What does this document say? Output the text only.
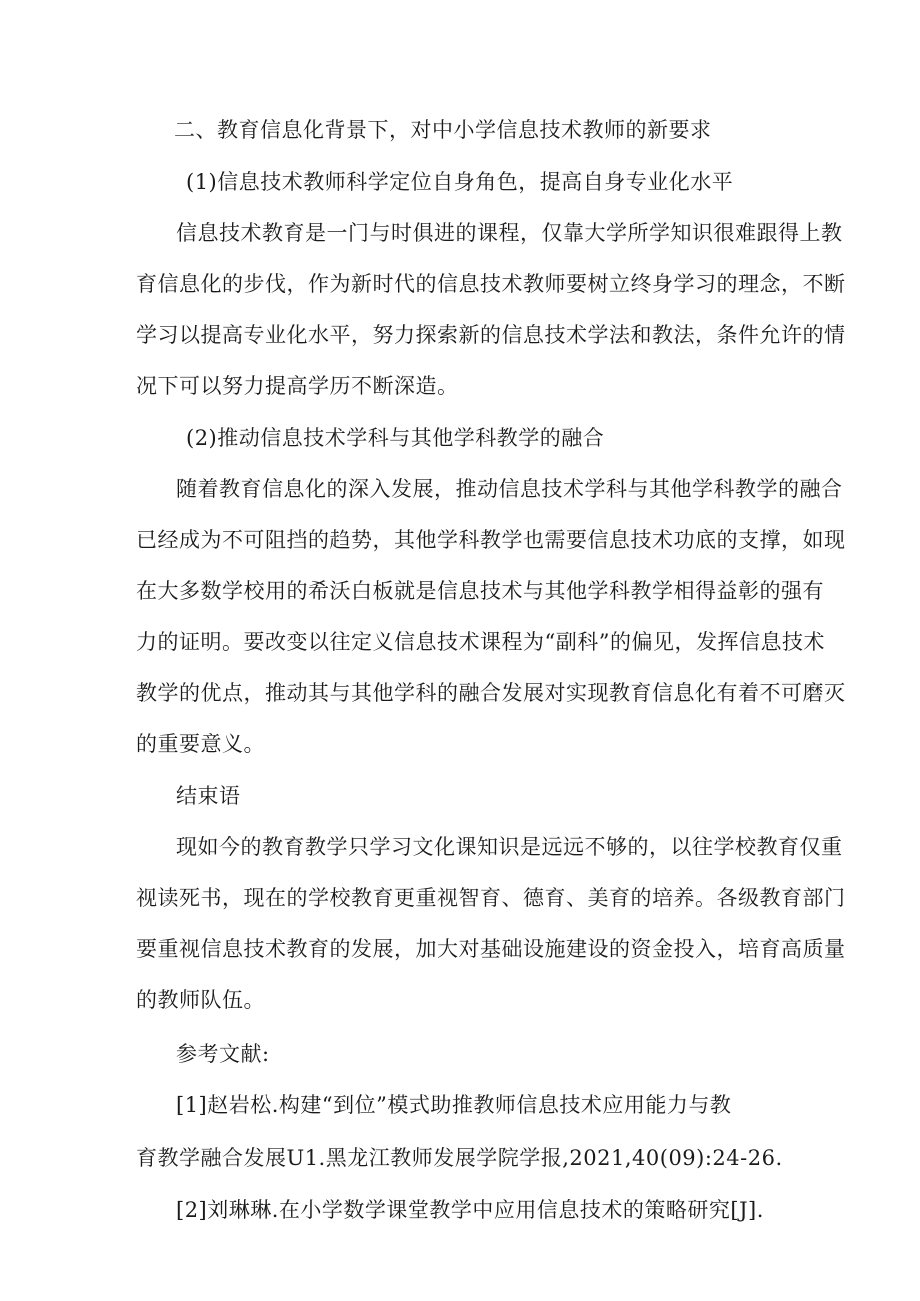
二、教育信息化背景下，对中小学信息技术教师的新要求
(1)信息技术教师科学定位自身角色，提高自身专业化水平
信息技术教育是一门与时俱进的课程，仅靠大学所学知识很难跟得上教
育信息化的步伐，作为新时代的信息技术教师要树立终身学习的理念，不断
学习以提高专业化水平，努力探索新的信息技术学法和教法，条件允许的情
况下可以努力提高学历不断深造。
(2)推动信息技术学科与其他学科教学的融合
随着教育信息化的深入发展，推动信息技术学科与其他学科教学的融合
已经成为不可阻挡的趋势，其他学科教学也需要信息技术功底的支撑，如现
在大多数学校用的希沃白板就是信息技术与其他学科教学相得益彰的强有
力的证明。要改变以往定义信息技术课程为“副科”的偏见，发挥信息技术
教学的优点，推动其与其他学科的融合发展对实现教育信息化有着不可磨灭
的重要意义。
结束语
现如今的教育教学只学习文化课知识是远远不够的，以往学校教育仅重
视读死书，现在的学校教育更重视智育、德育、美育的培养。各级教育部门
要重视信息技术教育的发展，加大对基础设施建设的资金投入，培育高质量
的教师队伍。
参考文献:
[1]赵岩松.构建“到位”模式助推教师信息技术应用能力与教
育教学融合发展U1.黑龙江教师发展学院学报,2021,40(09):24-26.
[2]刘琳琳.在小学数学课堂教学中应用信息技术的策略研究[J].
